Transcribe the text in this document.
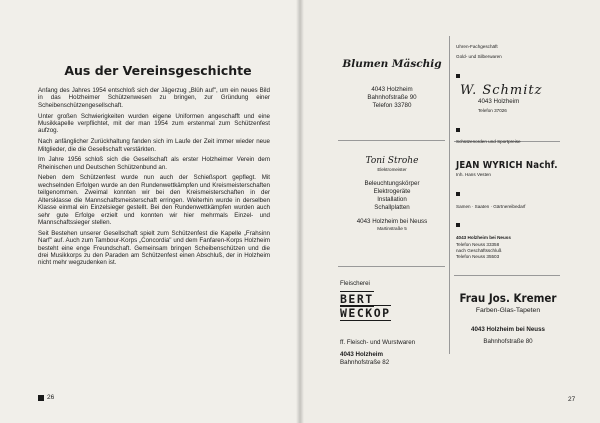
Aus der Vereinsgeschichte

Anfang des Jahres 1954 entschloß sich der Jägerzug „Blüh auf", um ein neues Bild in das Holzheimer Schützenwesen zu bringen, zur Gründung einer Scheibenschützengesellschaft.

Unter großen Schwierigkeiten wurden eigene Uniformen angeschafft und eine Musikkapelle verpflichtet, mit der man 1954 zum erstenmal zum Schützenfest aufzog.

Nach anfänglicher Zurückhaltung fanden sich im Laufe der Zeit immer wieder neue Mitglieder, die die Gesellschaft verstärkten.

Im Jahre 1956 schloß sich die Gesellschaft als erster Holzheimer Verein dem Rheinischen und Deutschen Schützenbund an.

Neben dem Schützenfest wurde nun auch der Schießsport gepflegt. Mit wechselnden Erfolgen wurde an den Rundenwettkämpfen und Kreismeisterschaften teilgenommen. Zweimal konnten wir bei den Kreismeisterschaften in der Altersklasse die Mannschaftsmeisterschaft erringen. Weiterhin wurde in derselben Klasse einmal ein Einzelsieger gestellt. Bei den Rundenwettkämpfen wurden auch sehr gute Erfolge erzielt und konnten wir hier mehrmals Einzel- und Mannschaftssieger stellen.

Seit Bestehen unserer Gesellschaft spielt zum Schützenfest die Kapelle „Frahsinn Narf" auf. Auch zum Tambour-Korps „Concordia" und dem Fanfaren-Korps Holzheim besteht eine enge Freundschaft. Gemeinsam bringen Scheibenschützen und die drei Musikkorps zu den Paraden am Schützenfest einen Abschluß, der in Holzheim nicht mehr wegzudenken ist.

26
Blumen Mäschig
4043 Holzheim
Bahnhofstraße 90
Telefon 33780
Uhren-Fachgeschäft
Gold- und Silberwaren
W. Schmitz
4043 Holzheim
Telefon 37026
Schützenorden und Sportpreise
Toni Strohe
Elektromeister
Beleuchtungskörper
Elektrogeräte
Installation
Schallplatten
4043 Holzheim bei Neuss
Martinstraße 5
JEAN WYRICH Nachf.
Inh. Hans Vesten
Samen · Saaten · Gärtnereibedarf
4043 Holzheim bei Neuss
Telefon Neuss 33358
nach Geschäftsschluß
Telefon Neuss 35503
Fleischerei
BERT
WECKOP
ff. Fleisch- und Wurstwaren
4043 Holzheim
Bahnhofstraße 82
Frau Jos. Kremer
Farben-Glas-Tapeten
4043 Holzheim bei Neuss
Bahnhofstraße 80
27
